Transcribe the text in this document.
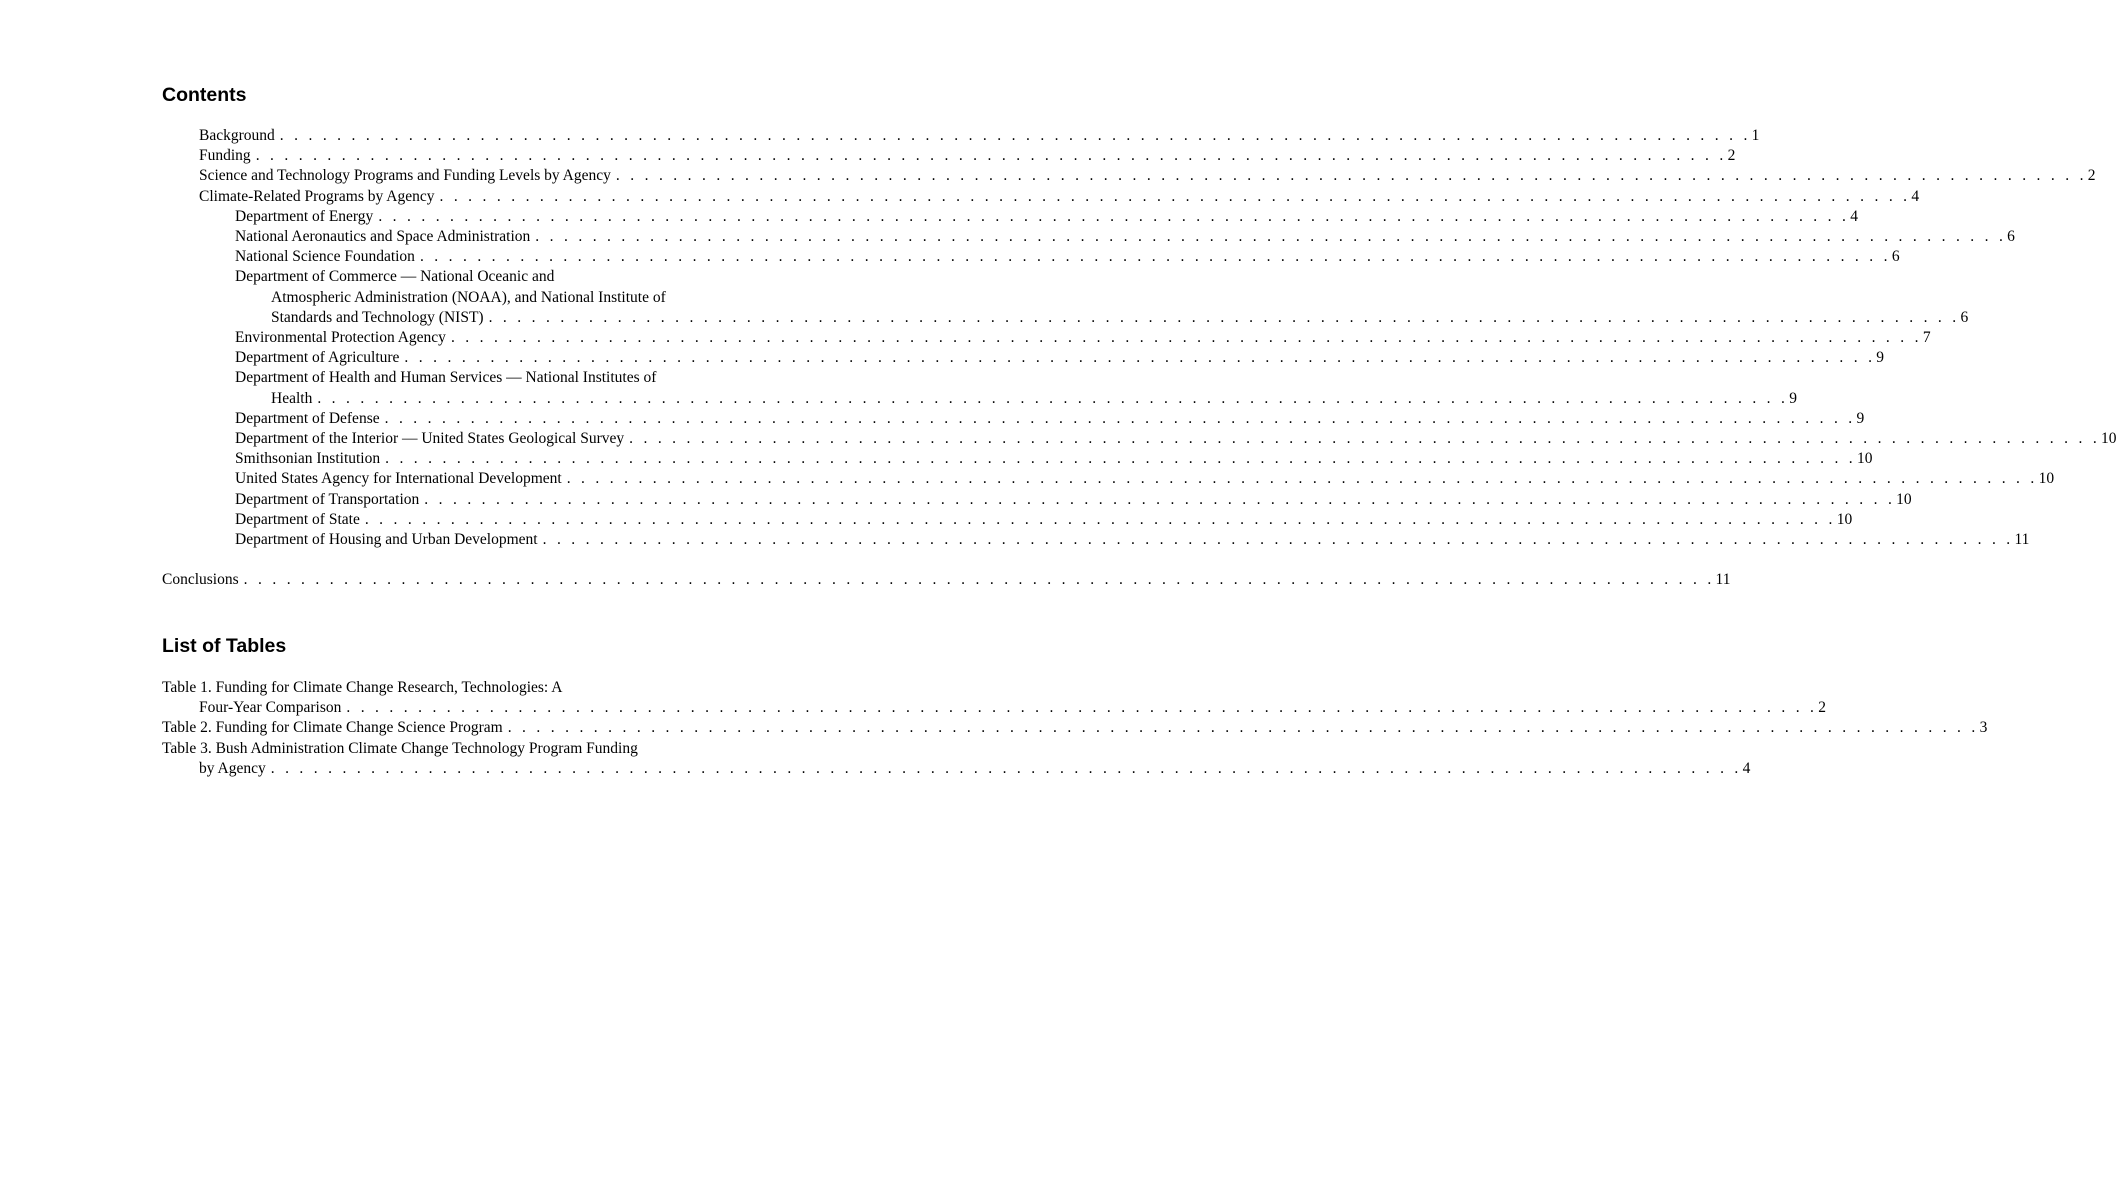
Contents
Background . . . . . . . . . . . . . . . . . . . . . . . . . . . . . . . . . . . . . . . . . . . . . . . . . . . . . . . . . . . . . . . . . . . . . . . . . . . . . . . . . . . . . . . . . . . . . . . . . . . . . . . 1
Funding . . . . . . . . . . . . . . . . . . . . . . . . . . . . . . . . . . . . . . . . . . . . . . . . . . . . . . . . . . . . . . . . . . . . . . . . . . . . . . . . . . . . . . . . . . . . . . . . . . . . . . . 2
Science and Technology Programs and Funding Levels by Agency . . . . . . . . . . . . . . . . . . . . . . . . . . . . . . . . . . . . . . . . . . . . . . . . . . . . . . . . . . . . . . . . . . . . . . . . . . . . . . . . . . . . . . . . . . . . . . . . . . . . . . . 2
Climate-Related Programs by Agency . . . . . . . . . . . . . . . . . . . . . . . . . . . . . . . . . . . . . . . . . . . . . . . . . . . . . . . . . . . . . . . . . . . . . . . . . . . . . . . . . . . . . . . . . . . . . . . . . . . . . . . 4
Department of Energy . . . . . . . . . . . . . . . . . . . . . . . . . . . . . . . . . . . . . . . . . . . . . . . . . . . . . . . . . . . . . . . . . . . . . . . . . . . . . . . . . . . . . . . . . . . . . . . . . . . . . . . 4
National Aeronautics and Space Administration . . . . . . . . . . . . . . . . . . . . . . . . . . . . . . . . . . . . . . . . . . . . . . . . . . . . . . . . . . . . . . . . . . . . . . . . . . . . . . . . . . . . . . . . . . . . . . . . . . . . . . . 6
National Science Foundation . . . . . . . . . . . . . . . . . . . . . . . . . . . . . . . . . . . . . . . . . . . . . . . . . . . . . . . . . . . . . . . . . . . . . . . . . . . . . . . . . . . . . . . . . . . . . . . . . . . . . . . 6
Department of Commerce — National Oceanic and
Atmospheric Administration (NOAA), and National Institute of
Standards and Technology (NIST) . . . . . . . . . . . . . . . . . . . . . . . . . . . . . . . . . . . . . . . . . . . . . . . . . . . . . . . . . . . . . . . . . . . . . . . . . . . . . . . . . . . . . . . . . . . . . . . . . . . . . . . 6
Environmental Protection Agency . . . . . . . . . . . . . . . . . . . . . . . . . . . . . . . . . . . . . . . . . . . . . . . . . . . . . . . . . . . . . . . . . . . . . . . . . . . . . . . . . . . . . . . . . . . . . . . . . . . . . . . 7
Department of Agriculture . . . . . . . . . . . . . . . . . . . . . . . . . . . . . . . . . . . . . . . . . . . . . . . . . . . . . . . . . . . . . . . . . . . . . . . . . . . . . . . . . . . . . . . . . . . . . . . . . . . . . . . 9
Department of Health and Human Services — National Institutes of
Health . . . . . . . . . . . . . . . . . . . . . . . . . . . . . . . . . . . . . . . . . . . . . . . . . . . . . . . . . . . . . . . . . . . . . . . . . . . . . . . . . . . . . . . . . . . . . . . . . . . . . . . 9
Department of Defense . . . . . . . . . . . . . . . . . . . . . . . . . . . . . . . . . . . . . . . . . . . . . . . . . . . . . . . . . . . . . . . . . . . . . . . . . . . . . . . . . . . . . . . . . . . . . . . . . . . . . . . 9
Department of the Interior — United States Geological Survey . . . . . . . . . . . . . . . . . . . . . . . . . . . . . . . . . . . . . . . . . . . . . . . . . . . . . . . . . . . . . . . . . . . . . . . . . . . . . . . . . . . . . . . . . . . . . . . . . . . . . . . 10
Smithsonian Institution . . . . . . . . . . . . . . . . . . . . . . . . . . . . . . . . . . . . . . . . . . . . . . . . . . . . . . . . . . . . . . . . . . . . . . . . . . . . . . . . . . . . . . . . . . . . . . . . . . . . . . . 10
United States Agency for International Development . . . . . . . . . . . . . . . . . . . . . . . . . . . . . . . . . . . . . . . . . . . . . . . . . . . . . . . . . . . . . . . . . . . . . . . . . . . . . . . . . . . . . . . . . . . . . . . . . . . . . . . 10
Department of Transportation . . . . . . . . . . . . . . . . . . . . . . . . . . . . . . . . . . . . . . . . . . . . . . . . . . . . . . . . . . . . . . . . . . . . . . . . . . . . . . . . . . . . . . . . . . . . . . . . . . . . . . . 10
Department of State . . . . . . . . . . . . . . . . . . . . . . . . . . . . . . . . . . . . . . . . . . . . . . . . . . . . . . . . . . . . . . . . . . . . . . . . . . . . . . . . . . . . . . . . . . . . . . . . . . . . . . . 10
Department of Housing and Urban Development . . . . . . . . . . . . . . . . . . . . . . . . . . . . . . . . . . . . . . . . . . . . . . . . . . . . . . . . . . . . . . . . . . . . . . . . . . . . . . . . . . . . . . . . . . . . . . . . . . . . . . . 11
Conclusions . . . . . . . . . . . . . . . . . . . . . . . . . . . . . . . . . . . . . . . . . . . . . . . . . . . . . . . . . . . . . . . . . . . . . . . . . . . . . . . . . . . . . . . . . . . . . . . . . . . . . . . 11
List of Tables
Table 1. Funding for Climate Change Research, Technologies: A
Four-Year Comparison . . . . . . . . . . . . . . . . . . . . . . . . . . . . . . . . . . . . . . . . . . . . . . . . . . . . . . . . . . . . . . . . . . . . . . . . . . . . . . . . . . . . . . . . . . . . . . . . . . . . . . . 2
Table 2. Funding for Climate Change Science Program . . . . . . . . . . . . . . . . . . . . . . . . . . . . . . . . . . . . . . . . . . . . . . . . . . . . . . . . . . . . . . . . . . . . . . . . . . . . . . . . . . . . . . . . . . . . . . . . . . . . . . . 3
Table 3. Bush Administration Climate Change Technology Program Funding
by Agency . . . . . . . . . . . . . . . . . . . . . . . . . . . . . . . . . . . . . . . . . . . . . . . . . . . . . . . . . . . . . . . . . . . . . . . . . . . . . . . . . . . . . . . . . . . . . . . . . . . . . . . 4
